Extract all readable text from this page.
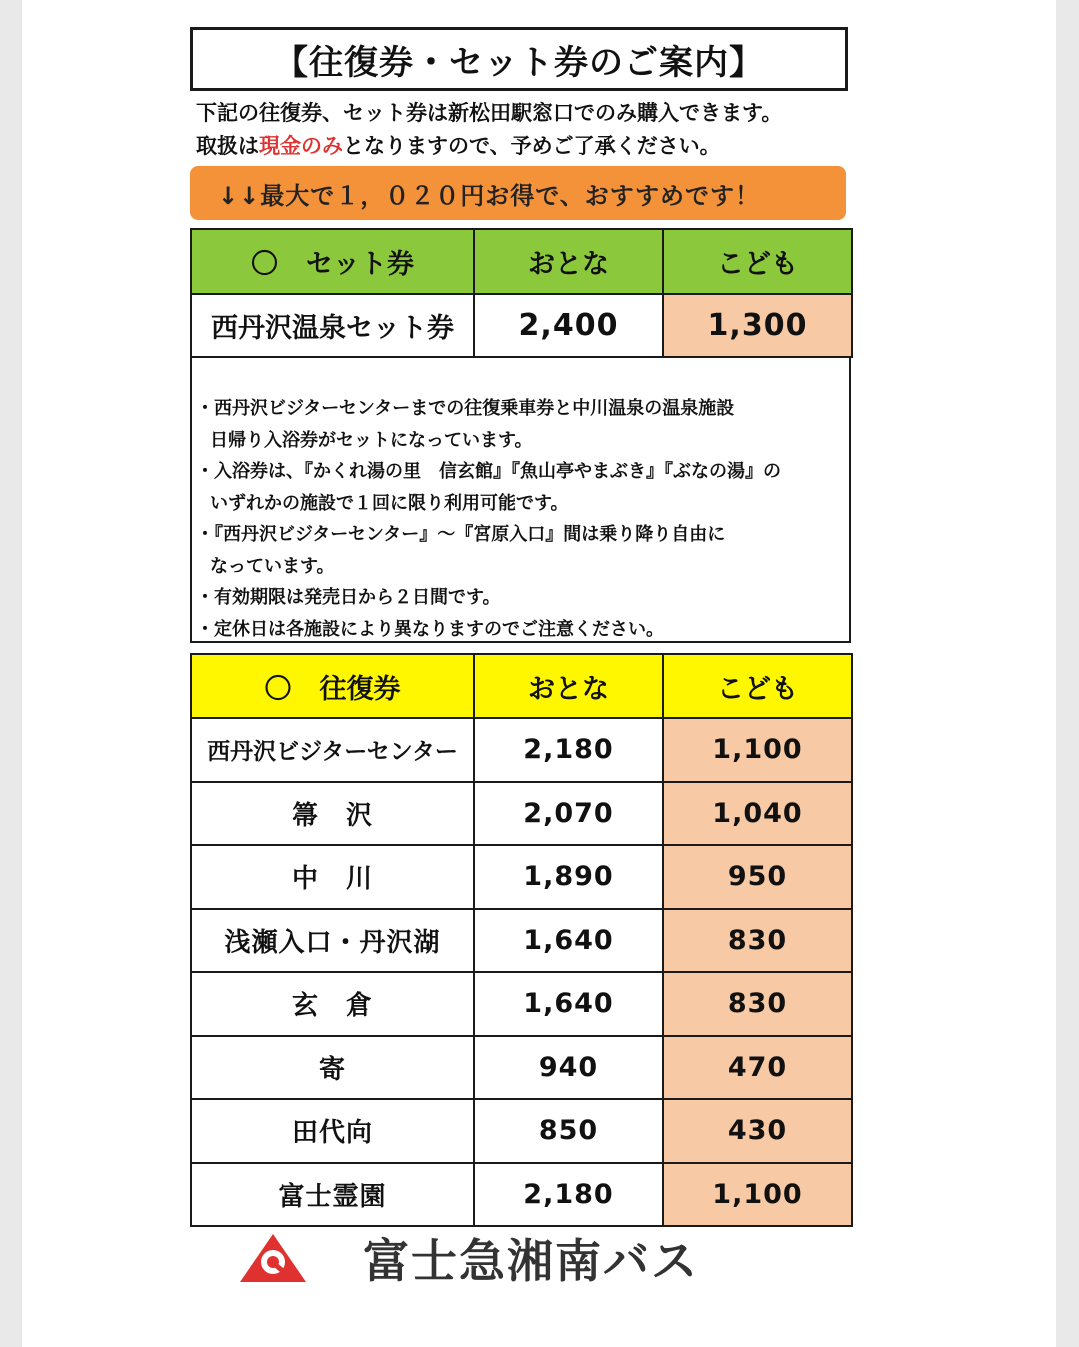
【往復券・セット券のご案内】
下記の往復券、セット券は新松田駅窓口でのみ購入できます。
取扱は現金のみとなりますので、予めご了承ください。
↓↓最大で１，０２０円お得で、おすすめです！
〇 セット券	おとな	こども
西丹沢温泉セット券	2,400	1,300

・西丹沢ビジターセンターまでの往復乗車券と中川温泉の温泉施設

日帰り入浴券がセットになっています。

・入浴券は、『かくれ湯の里　信玄館』『魚山亭やまぶき』『ぶなの湯』の

いずれかの施設で１回に限り利用可能です。

・『西丹沢ビジターセンター』～『宮原入口』間は乗り降り自由に

なっています。

・有効期限は発売日から２日間です。

・定休日は各施設により異なりますのでご注意ください。

〇 往復券	おとな	こども
西丹沢ビジターセンター	2,180	1,100
箒　沢	2,070	1,040
中　川	1,890	950
浅瀬入口・丹沢湖	1,640	830
玄　倉	1,640	830
寄	940	470
田代向	850	430
富士霊園	2,180	1,100
富士急湘南バス
